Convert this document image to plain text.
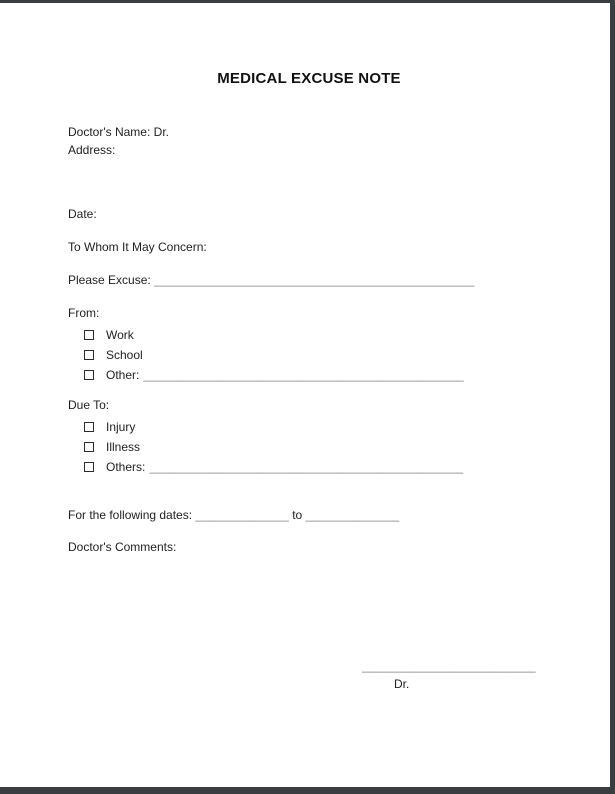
MEDICAL EXCUSE NOTE

Doctor's Name: Dr.

Address:

Date:

To Whom It May Concern:

Please Excuse: ________________________________________________

From:

Work
School
Other: ________________________________________________

Due To:

Injury
Illness
Others: _______________________________________________

For the following dates: ______________ to ______________

Doctor's Comments:

__________________________
Dr.
